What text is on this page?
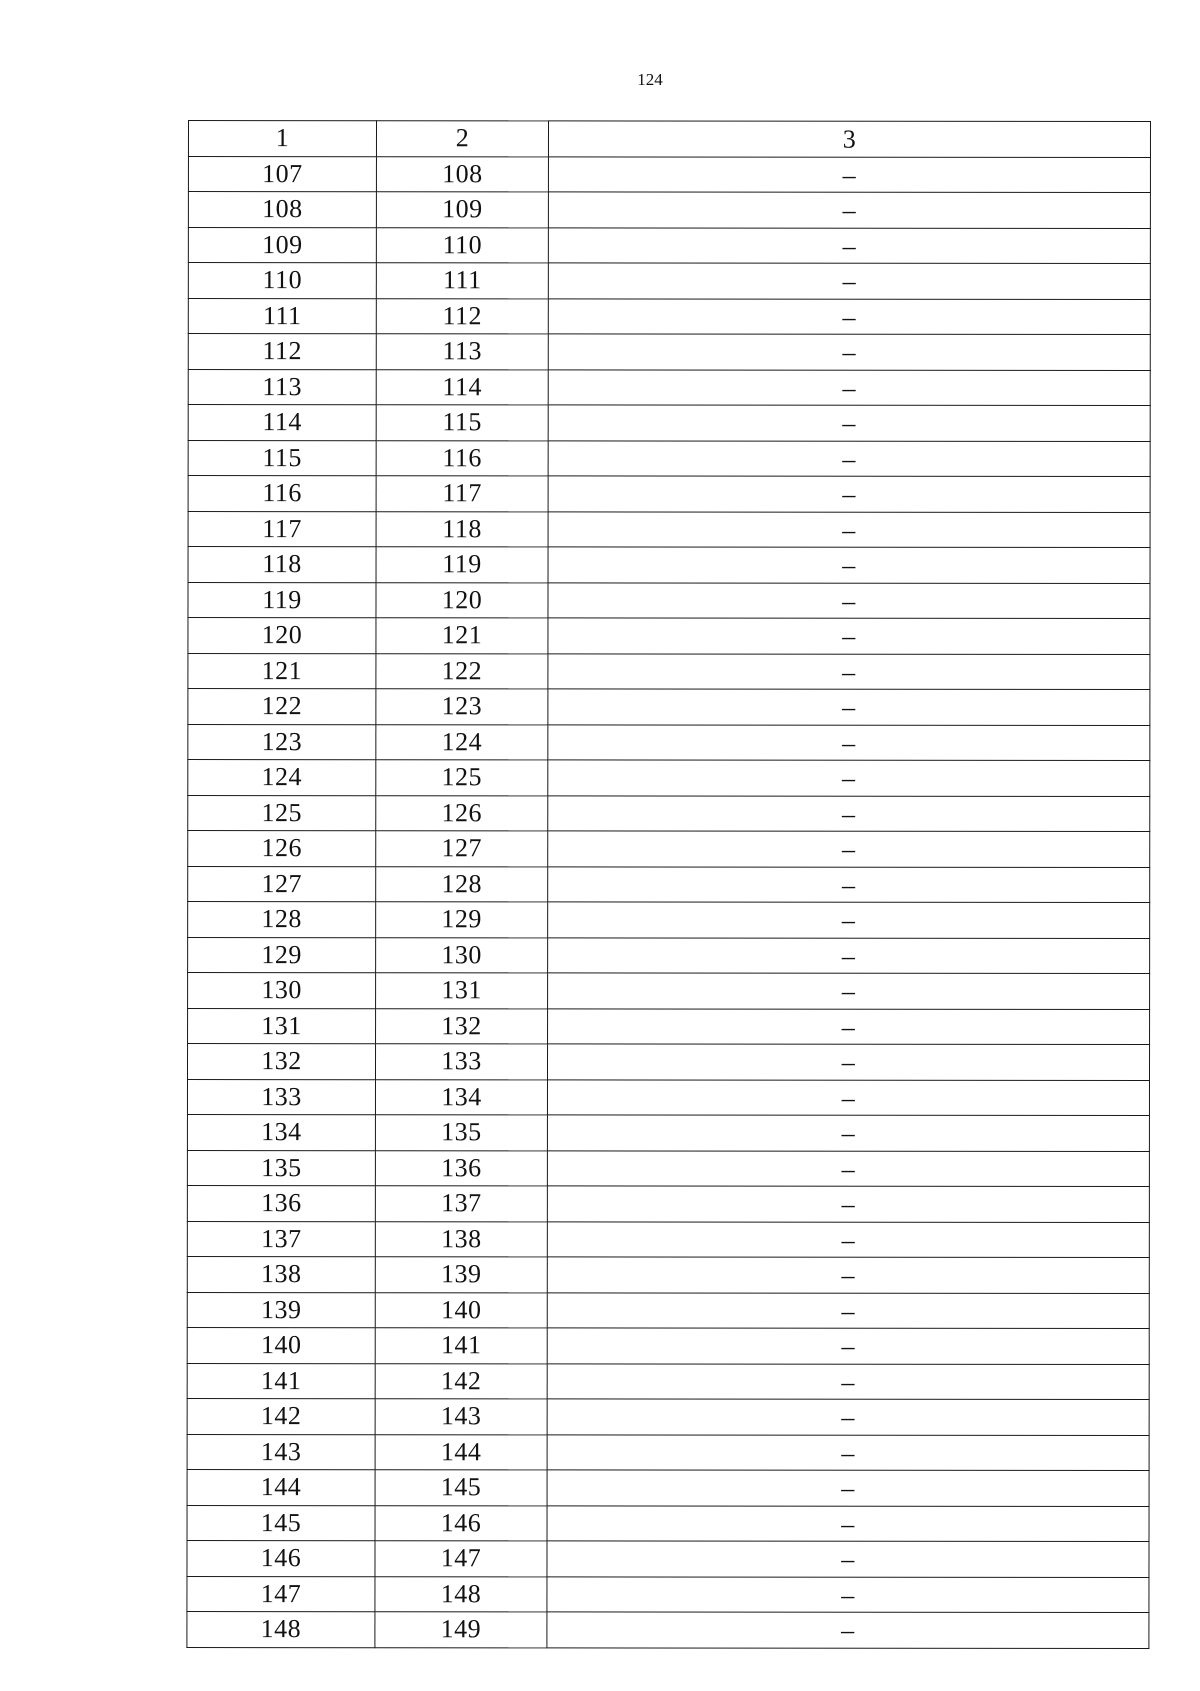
124
1	2	3
107	108	–
108	109	–
109	110	–
110	111	–
111	112	–
112	113	–
113	114	–
114	115	–
115	116	–
116	117	–
117	118	–
118	119	–
119	120	–
120	121	–
121	122	–
122	123	–
123	124	–
124	125	–
125	126	–
126	127	–
127	128	–
128	129	–
129	130	–
130	131	–
131	132	–
132	133	–
133	134	–
134	135	–
135	136	–
136	137	–
137	138	–
138	139	–
139	140	–
140	141	–
141	142	–
142	143	–
143	144	–
144	145	–
145	146	–
146	147	–
147	148	–
148	149	–
